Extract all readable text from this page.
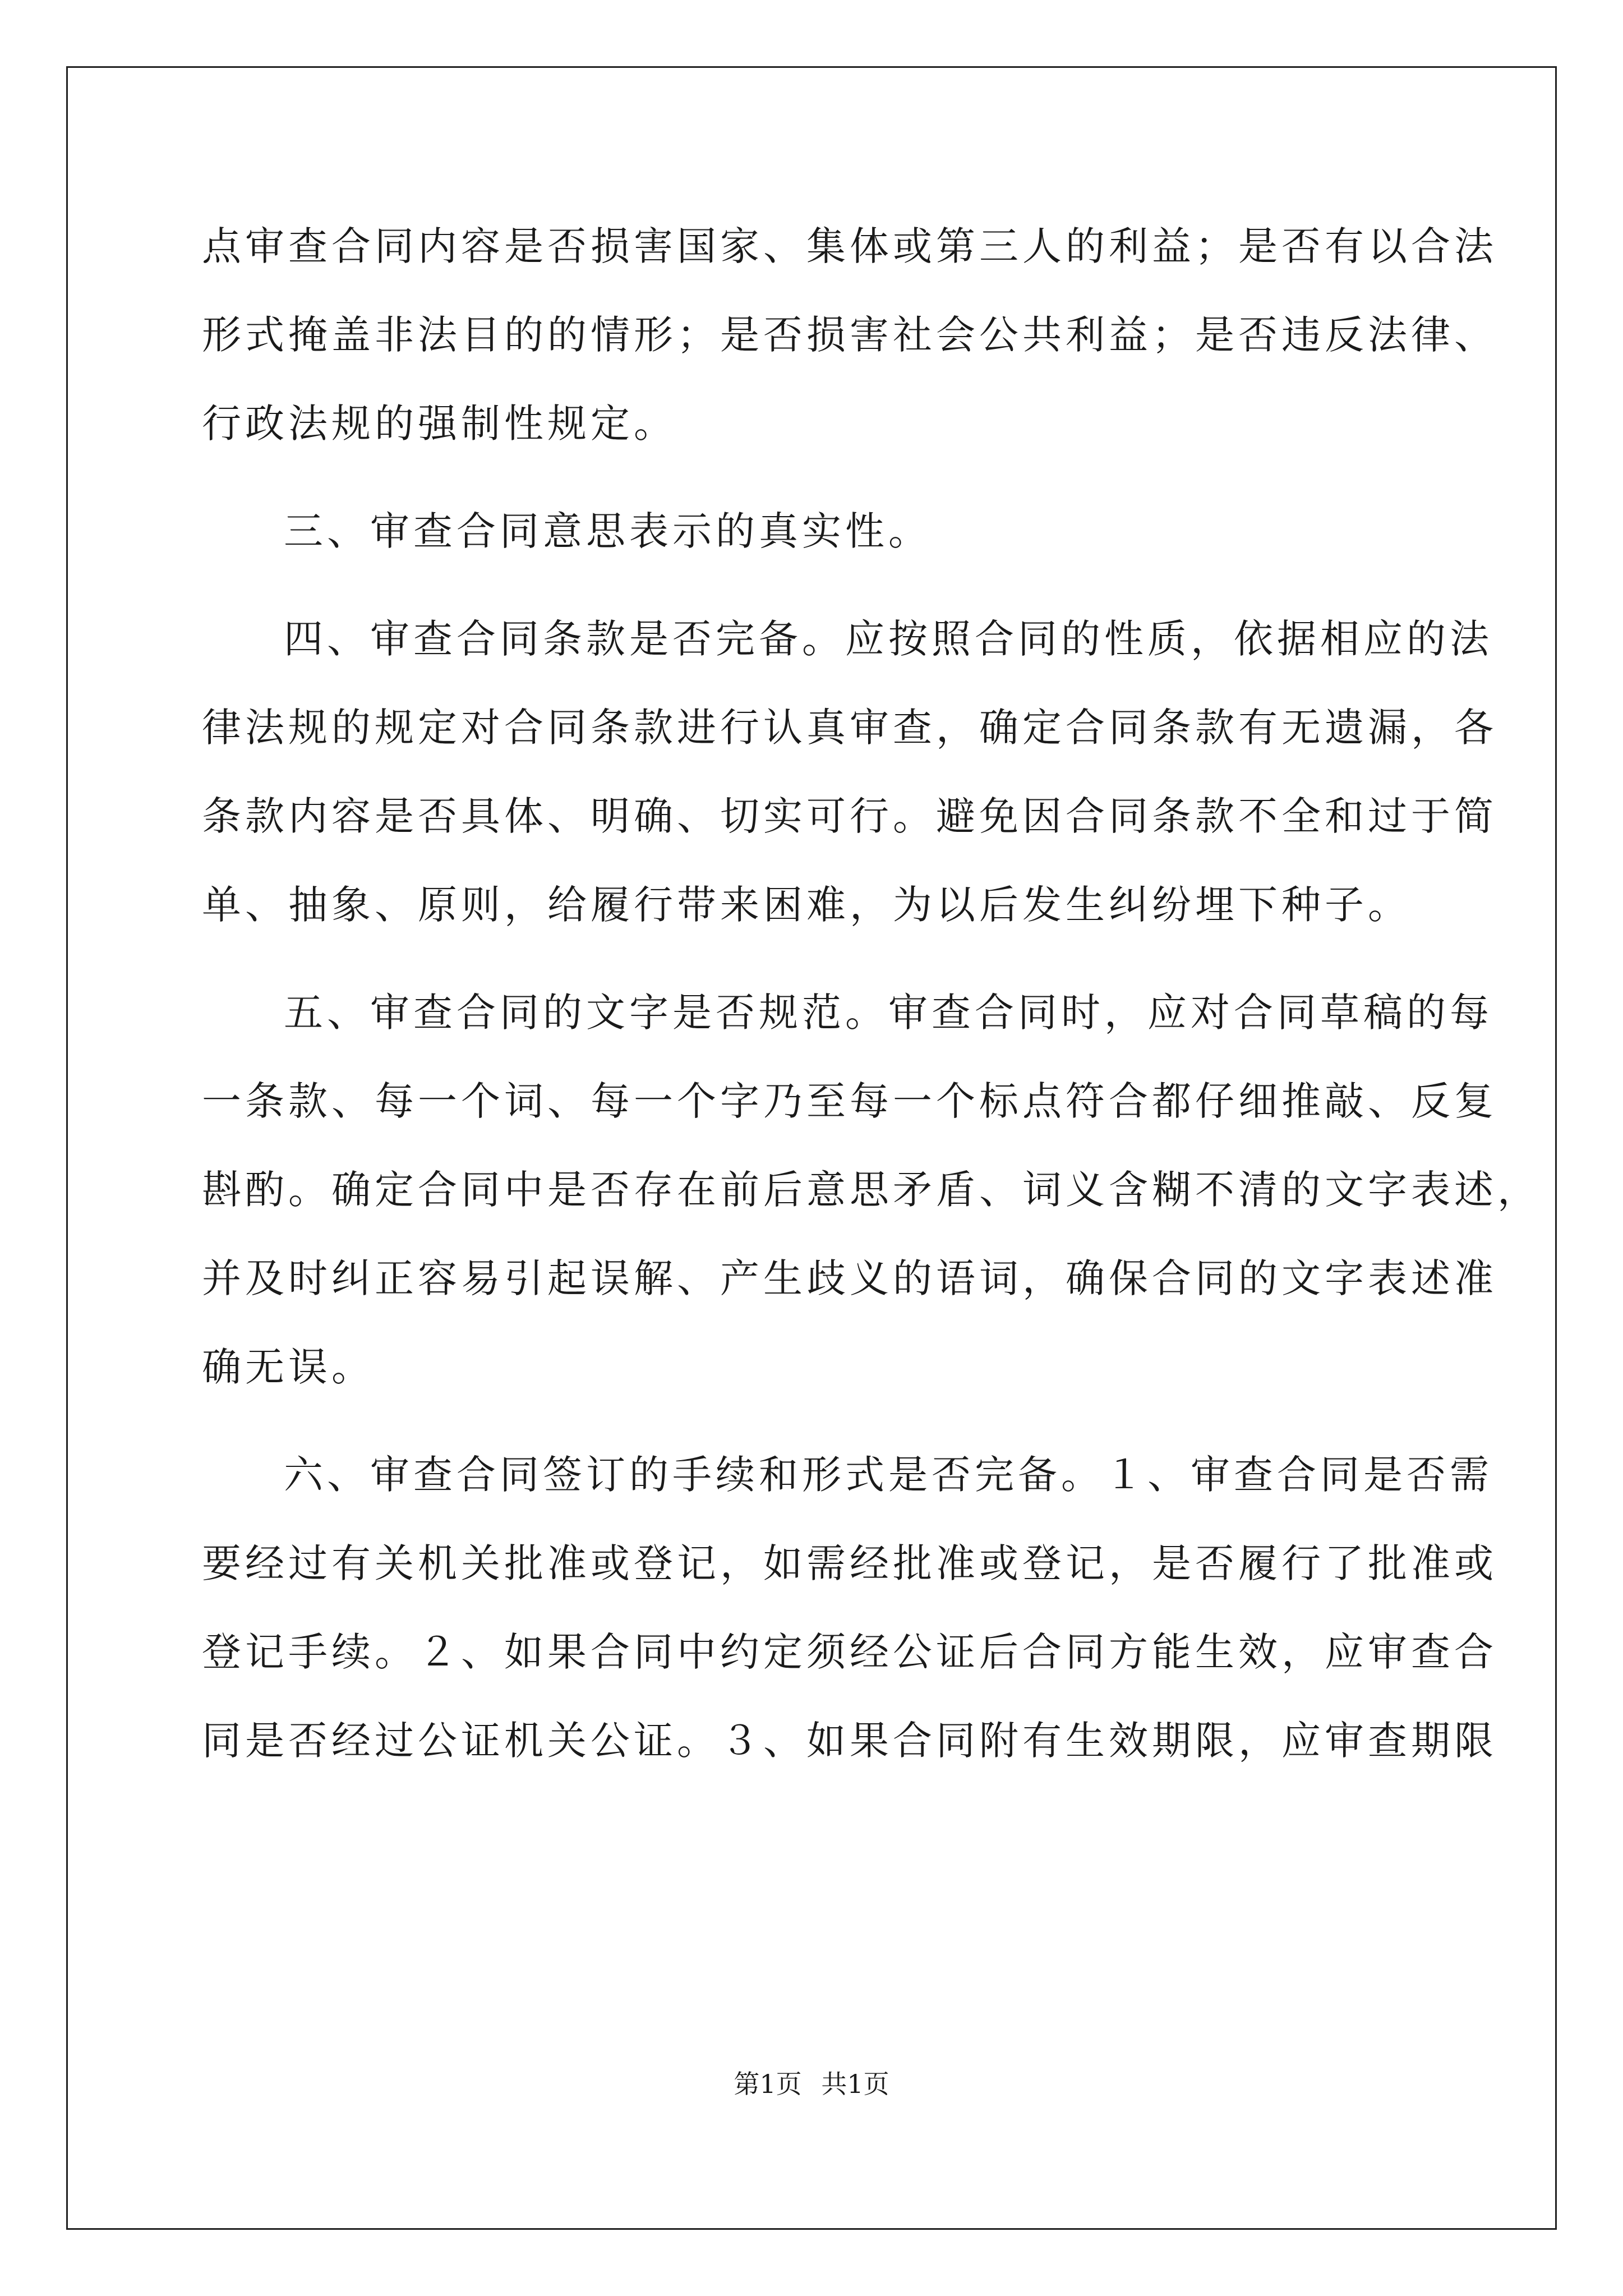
点审查合同内容是否损害国家、集体或第三人的利益；是否有以合法
形式掩盖非法目的的情形；是否损害社会公共利益；是否违反法律、
行政法规的强制性规定。
三、审查合同意思表示的真实性。
四、审查合同条款是否完备。应按照合同的性质，依据相应的法
律法规的规定对合同条款进行认真审查，确定合同条款有无遗漏，各
条款内容是否具体、明确、切实可行。避免因合同条款不全和过于简
单、抽象、原则，给履行带来困难，为以后发生纠纷埋下种子。
五、审查合同的文字是否规范。审查合同时，应对合同草稿的每
一条款、每一个词、每一个字乃至每一个标点符合都仔细推敲、反复
斟酌。确定合同中是否存在前后意思矛盾、词义含糊不清的文字表述，
并及时纠正容易引起误解、产生歧义的语词，确保合同的文字表述准
确无误。
六、审查合同签订的手续和形式是否完备。１、审查合同是否需
要经过有关机关批准或登记，如需经批准或登记，是否履行了批准或
登记手续。２、如果合同中约定须经公证后合同方能生效，应审查合
同是否经过公证机关公证。３、如果合同附有生效期限，应审查期限
第1页 共1页
